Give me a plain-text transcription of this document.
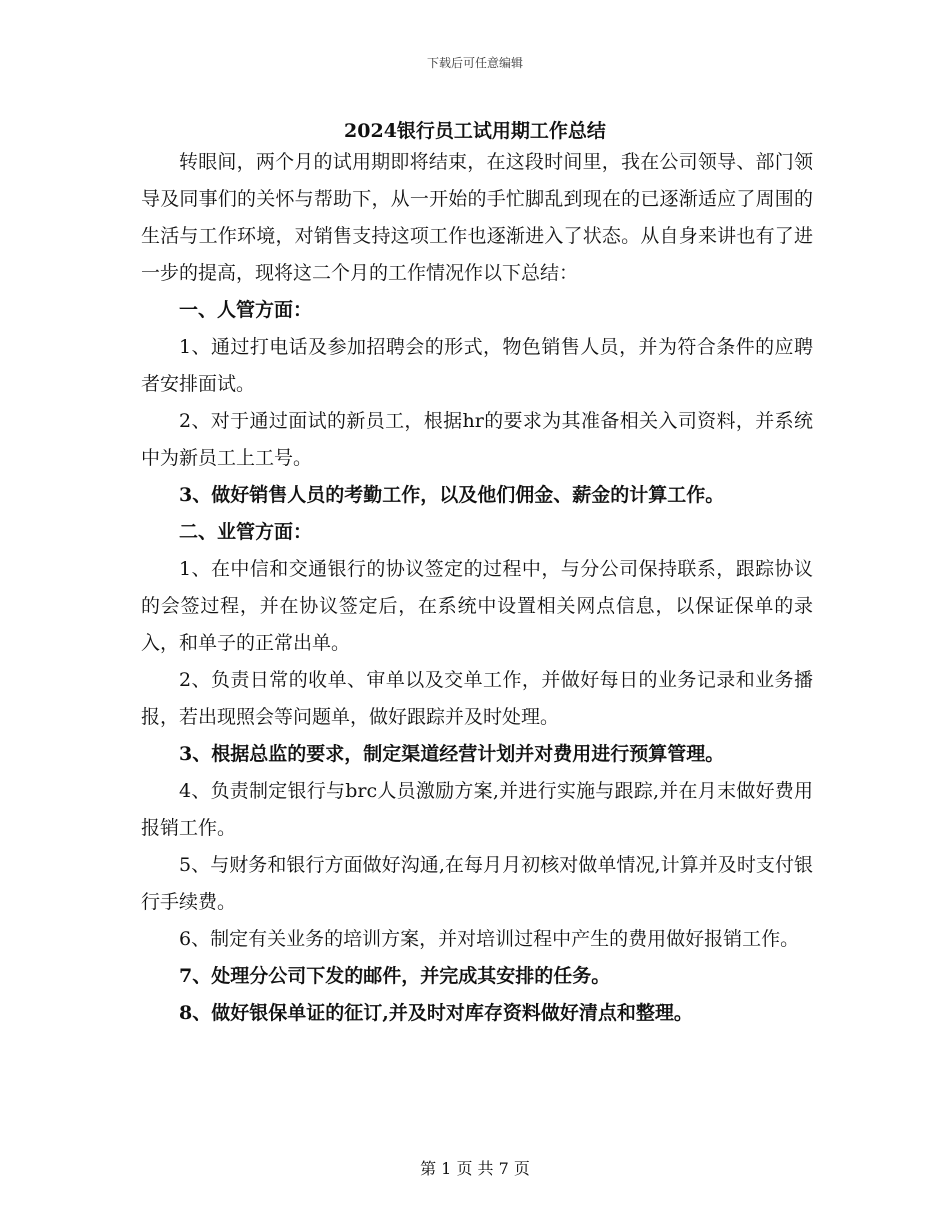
下载后可任意编辑
2024银行员工试用期工作总结

转眼间，两个月的试用期即将结束，在这段时间里，我在公司领导、部门领导及同事们的关怀与帮助下，从一开始的手忙脚乱到现在的已逐渐适应了周围的生活与工作环境，对销售支持这项工作也逐渐进入了状态。从自身来讲也有了进一步的提高，现将这二个月的工作情况作以下总结：

一、人管方面：

1、通过打电话及参加招聘会的形式，物色销售人员，并为符合条件的应聘者安排面试。

2、对于通过面试的新员工，根据hr的要求为其准备相关入司资料，并系统中为新员工上工号。

3、做好销售人员的考勤工作，以及他们佣金、薪金的计算工作。

二、业管方面：

1、在中信和交通银行的协议签定的过程中，与分公司保持联系，跟踪协议的会签过程，并在协议签定后，在系统中设置相关网点信息，以保证保单的录入，和单子的正常出单。

2、负责日常的收单、审单以及交单工作，并做好每日的业务记录和业务播报，若出现照会等问题单，做好跟踪并及时处理。

3、根据总监的要求，制定渠道经营计划并对费用进行预算管理。

4、负责制定银行与brc人员激励方案,并进行实施与跟踪,并在月末做好费用报销工作。

5、与财务和银行方面做好沟通,在每月月初核对做单情况,计算并及时支付银行手续费。

6、制定有关业务的培训方案，并对培训过程中产生的费用做好报销工作。

7、处理分公司下发的邮件，并完成其安排的任务。

8、做好银保单证的征订,并及时对库存资料做好清点和整理。

第 1 页 共 7 页
